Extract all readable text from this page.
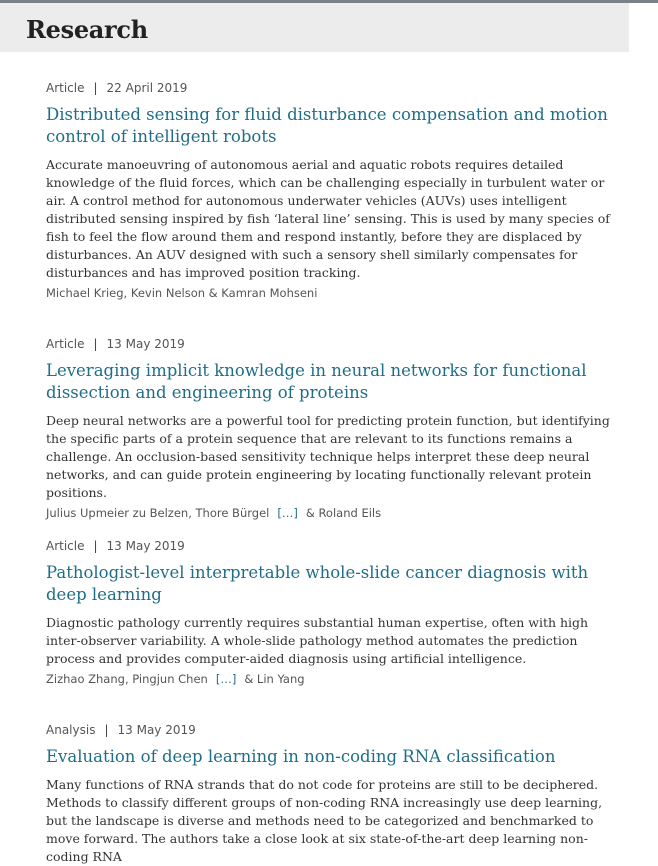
Research
Article | 22 April 2019
Distributed sensing for fluid disturbance compensation and motion control of intelligent robots
Accurate manoeuvring of autonomous aerial and aquatic robots requires detailed knowledge of the fluid forces, which can be challenging especially in turbulent water or air. A control method for autonomous underwater vehicles (AUVs) uses intelligent distributed sensing inspired by fish ‘lateral line’ sensing. This is used by many species of fish to feel the flow around them and respond instantly, before they are displaced by disturbances. An AUV designed with such a sensory shell similarly compensates for disturbances and has improved position tracking.
Michael Krieg, Kevin Nelson & Kamran Mohseni
Article | 13 May 2019
Leveraging implicit knowledge in neural networks for functional dissection and engineering of proteins
Deep neural networks are a powerful tool for predicting protein function, but identifying the specific parts of a protein sequence that are relevant to its functions remains a challenge. An occlusion-based sensitivity technique helps interpret these deep neural networks, and can guide protein engineering by locating functionally relevant protein positions.
Julius Upmeier zu Belzen, Thore Bürgel […] & Roland Eils
Article | 13 May 2019
Pathologist-level interpretable whole-slide cancer diagnosis with deep learning
Diagnostic pathology currently requires substantial human expertise, often with high inter-observer variability. A whole-slide pathology method automates the prediction process and provides computer-aided diagnosis using artificial intelligence.
Zizhao Zhang, Pingjun Chen […] & Lin Yang
Analysis | 13 May 2019
Evaluation of deep learning in non-coding RNA classification
Many functions of RNA strands that do not code for proteins are still to be deciphered. Methods to classify different groups of non-coding RNA increasingly use deep learning, but the landscape is diverse and methods need to be categorized and benchmarked to move forward. The authors take a close look at six state-of-the-art deep learning non-coding RNA
